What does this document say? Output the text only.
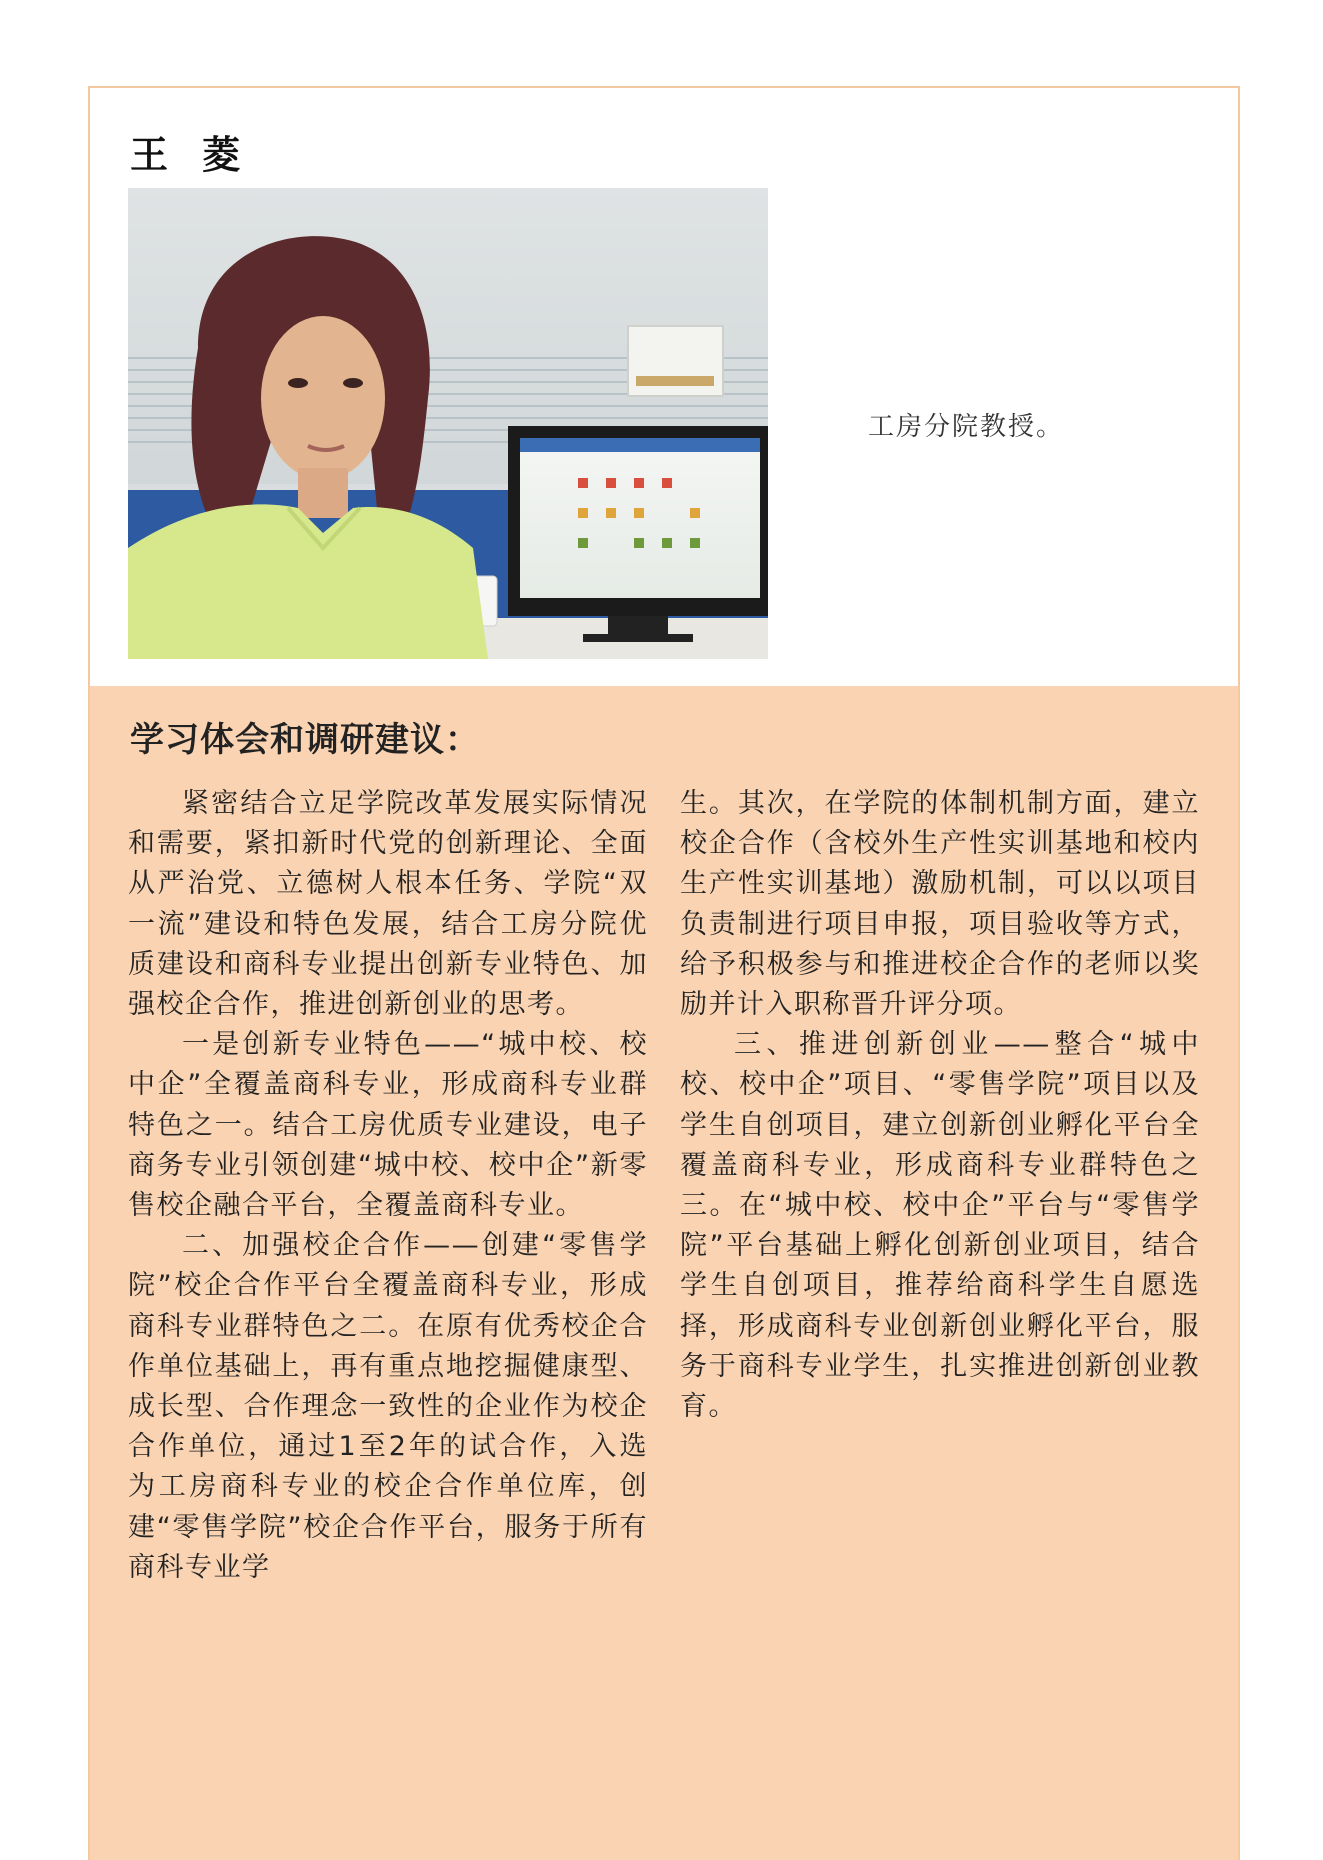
王菱
工房分院教授。
学习体会和调研建议：

紧密结合立足学院改革发展实际情况和需要，紧扣新时代党的创新理论、全面从严治党、立德树人根本任务、学院“双一流”建设和特色发展，结合工房分院优质建设和商科专业提出创新专业特色、加强校企合作，推进创新创业的思考。

一是创新专业特色——“城中校、校中企”全覆盖商科专业，形成商科专业群特色之一。结合工房优质专业建设，电子商务专业引领创建“城中校、校中企”新零售校企融合平台，全覆盖商科专业。

二、加强校企合作——创建“零售学院”校企合作平台全覆盖商科专业，形成商科专业群特色之二。在原有优秀校企合作单位基础上，再有重点地挖掘健康型、成长型、合作理念一致性的企业作为校企合作单位，通过1至2年的试合作，入选为工房商科专业的校企合作单位库，创建“零售学院”校企合作平台，服务于所有商科专业学

生。其次，在学院的体制机制方面，建立校企合作（含校外生产性实训基地和校内生产性实训基地）激励机制，可以以项目负责制进行项目申报，项目验收等方式，给予积极参与和推进校企合作的老师以奖励并计入职称晋升评分项。

三、推进创新创业——整合“城中校、校中企”项目、“零售学院”项目以及学生自创项目，建立创新创业孵化平台全覆盖商科专业，形成商科专业群特色之三。在“城中校、校中企”平台与“零售学院”平台基础上孵化创新创业项目，结合学生自创项目，推荐给商科学生自愿选择，形成商科专业创新创业孵化平台，服务于商科专业学生，扎实推进创新创业教育。
